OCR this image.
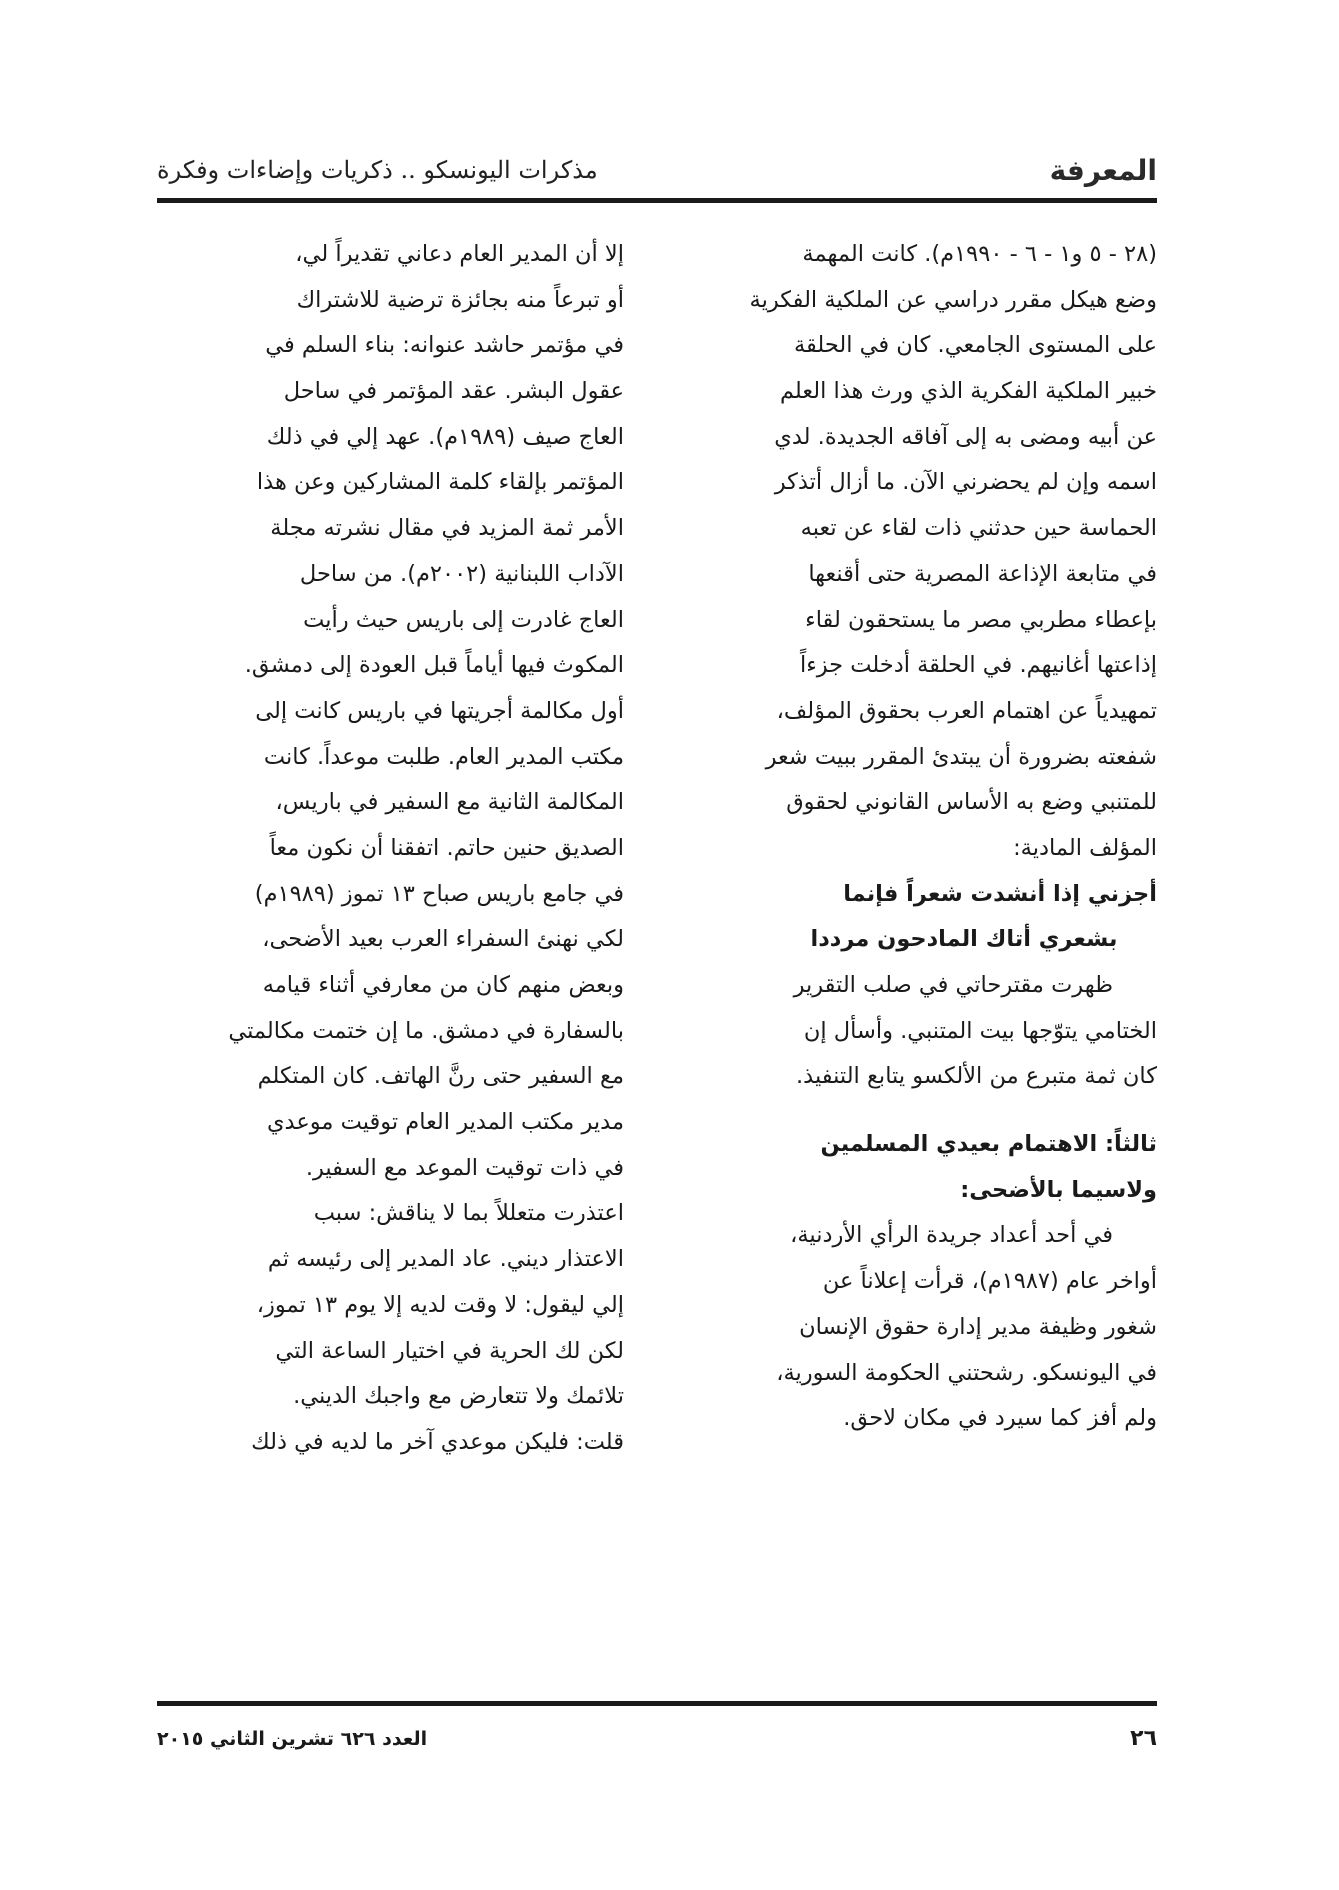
المعرفة
مذكرات اليونسكو .. ذكريات وإضاءات وفكرة
(٢٨ - ٥ و١ - ٦ - ١٩٩٠م). كانت المهمة
وضع هيكل مقرر دراسي عن الملكية الفكرية
على المستوى الجامعي. كان في الحلقة
خبير الملكية الفكرية الذي ورث هذا العلم
عن أبيه ومضى به إلى آفاقه الجديدة. لدي
اسمه وإن لم يحضرني الآن. ما أزال أتذكر
الحماسة حين حدثني ذات لقاء عن تعبه
في متابعة الإذاعة المصرية حتى أقنعها
بإعطاء مطربي مصر ما يستحقون لقاء
إذاعتها أغانيهم. في الحلقة أدخلت جزءاً
تمهيدياً عن اهتمام العرب بحقوق المؤلف،
شفعته بضرورة أن يبتدئ المقرر ببيت شعر
للمتنبي وضع به الأساس القانوني لحقوق
المؤلف المادية:
أجزني إذا أنشدت شعراً فإنما
بشعري أتاك المادحون مرددا
ظهرت مقترحاتي في صلب التقرير
الختامي يتوّجها بيت المتنبي. وأسأل إن
كان ثمة متبرع من الألكسو يتابع التنفيذ.
ثالثاً: الاهتمام بعيدي المسلمين
ولاسيما بالأضحى:
في أحد أعداد جريدة الرأي الأردنية،
أواخر عام (١٩٨٧م)، قرأت إعلاناً عن
شغور وظيفة مدير إدارة حقوق الإنسان
في اليونسكو. رشحتني الحكومة السورية،
ولم أفز كما سيرد في مكان لاحق.
إلا أن المدير العام دعاني تقديراً لي،
أو تبرعاً منه بجائزة ترضية للاشتراك
في مؤتمر حاشد عنوانه: بناء السلم في
عقول البشر. عقد المؤتمر في ساحل
العاج صيف (١٩٨٩م). عهد إلي في ذلك
المؤتمر بإلقاء كلمة المشاركين وعن هذا
الأمر ثمة المزيد في مقال نشرته مجلة
الآداب اللبنانية (٢٠٠٢م). من ساحل
العاج غادرت إلى باريس حيث رأيت
المكوث فيها أياماً قبل العودة إلى دمشق.
أول مكالمة أجريتها في باريس كانت إلى
مكتب المدير العام. طلبت موعداً. كانت
المكالمة الثانية مع السفير في باريس،
الصديق حنين حاتم. اتفقنا أن نكون معاً
في جامع باريس صباح ١٣ تموز (١٩٨٩م)
لكي نهنئ السفراء العرب بعيد الأضحى،
وبعض منهم كان من معارفي أثناء قيامه
بالسفارة في دمشق. ما إن ختمت مكالمتي
مع السفير حتى رنَّ الهاتف. كان المتكلم
مدير مكتب المدير العام توقيت موعدي
في ذات توقيت الموعد مع السفير.
اعتذرت متعللاً بما لا يناقش: سبب
الاعتذار ديني. عاد المدير إلى رئيسه ثم
إلي ليقول: لا وقت لديه إلا يوم ١٣ تموز،
لكن لك الحرية في اختيار الساعة التي
تلائمك ولا تتعارض مع واجبك الديني.
قلت: فليكن موعدي آخر ما لديه في ذلك
٢٦
العدد ٦٢٦ تشرين الثاني ٢٠١٥
